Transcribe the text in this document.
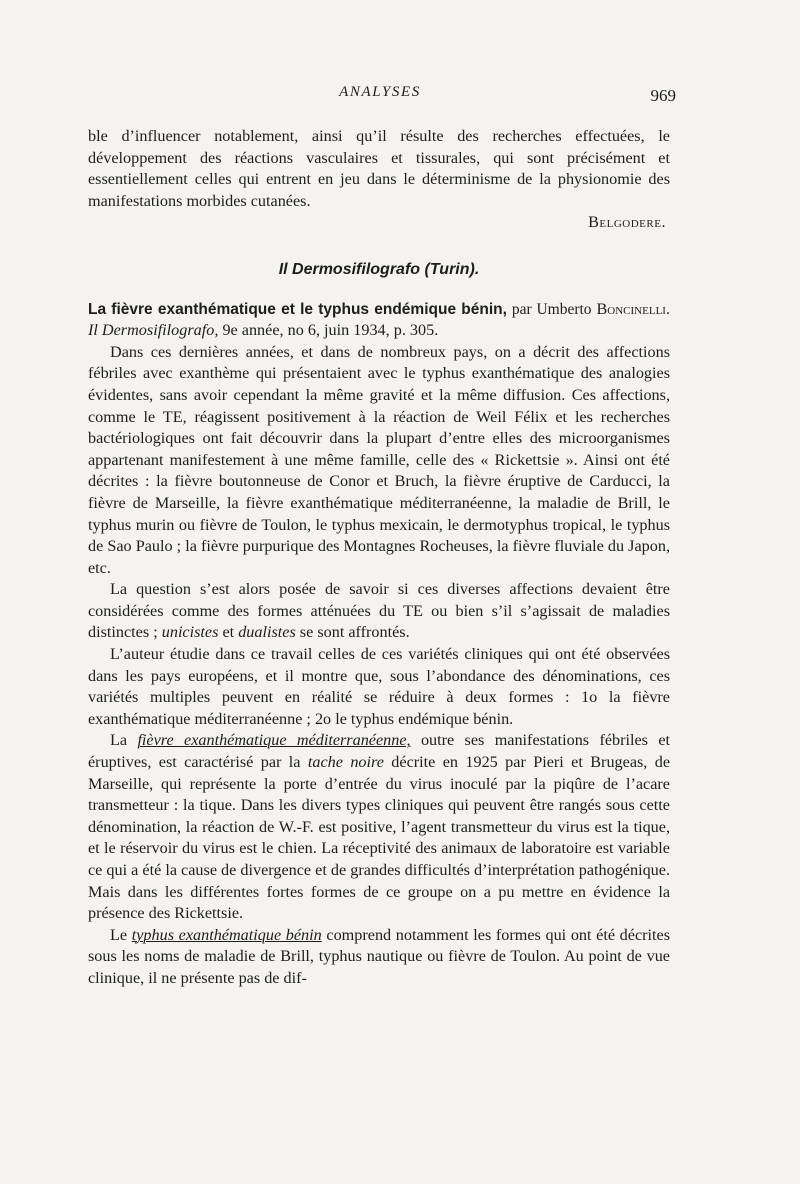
ANALYSES	969

ble d’influencer notablement, ainsi qu’il résulte des recherches effectuées, le développement des réactions vasculaires et tissurales, qui sont précisément et essentiellement celles qui entrent en jeu dans le déterminisme de la physionomie des manifestations morbides cutanées.

Belgodere.

Il Dermosifilografo (Turin).

La fièvre exanthématique et le typhus endémique bénin, par Umberto Boncinelli. Il Dermosifilografo, 9e année, no 6, juin 1934, p. 305.

Dans ces dernières années, et dans de nombreux pays, on a décrit des affections fébriles avec exanthème qui présentaient avec le typhus exanthématique des analogies évidentes, sans avoir cependant la même gravité et la même diffusion. Ces affections, comme le TE, réagissent positivement à la réaction de Weil Félix et les recherches bactériologiques ont fait découvrir dans la plupart d’entre elles des microorganismes appartenant manifestement à une même famille, celle des « Rickettsie ». Ainsi ont été décrites : la fièvre boutonneuse de Conor et Bruch, la fièvre éruptive de Carducci, la fièvre de Marseille, la fièvre exanthématique méditerranéenne, la maladie de Brill, le typhus murin ou fièvre de Toulon, le typhus mexicain, le dermotyphus tropical, le typhus de Sao Paulo ; la fièvre purpurique des Montagnes Rocheuses, la fièvre fluviale du Japon, etc.

La question s’est alors posée de savoir si ces diverses affections devaient être considérées comme des formes atténuées du TE ou bien s’il s’agissait de maladies distinctes ; unicistes et dualistes se sont affrontés.

L’auteur étudie dans ce travail celles de ces variétés cliniques qui ont été observées dans les pays européens, et il montre que, sous l’abondance des dénominations, ces variétés multiples peuvent en réalité se réduire à deux formes : 1o la fièvre exanthématique méditerranéenne ; 2o le typhus endémique bénin.

La fièvre exanthématique méditerranéenne, outre ses manifestations fébriles et éruptives, est caractérisé par la tache noire décrite en 1925 par Pieri et Brugeas, de Marseille, qui représente la porte d’entrée du virus inoculé par la piqûre de l’acare transmetteur : la tique. Dans les divers types cliniques qui peuvent être rangés sous cette dénomination, la réaction de W.-F. est positive, l’agent transmetteur du virus est la tique, et le réservoir du virus est le chien. La réceptivité des animaux de laboratoire est variable ce qui a été la cause de divergence et de grandes difficultés d’interprétation pathogénique. Mais dans les différentes fortes formes de ce groupe on a pu mettre en évidence la présence des Rickettsie.

Le typhus exanthématique bénin comprend notamment les formes qui ont été décrites sous les noms de maladie de Brill, typhus nautique ou fièvre de Toulon. Au point de vue clinique, il ne présente pas de dif-
